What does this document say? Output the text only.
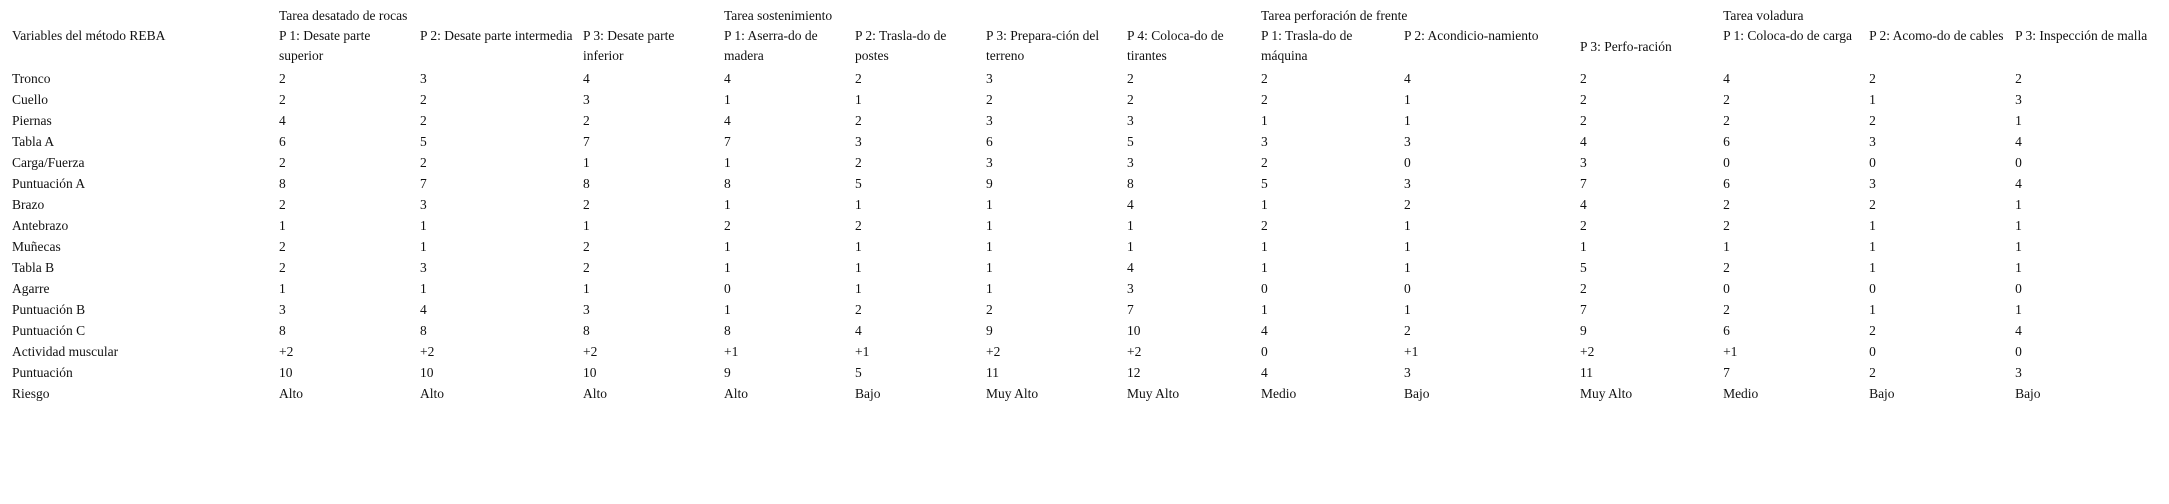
	Tarea desatado de rocas			Tarea sostenimiento				Tarea perforación de frente			Tarea voladura		
Variables del método REBA	P 1: Desate parte superior	P 2: Desate parte intermedia	P 3: Desate parte inferior	P 1: Aserra-do de madera	P 2: Trasla-do de postes	P 3: Prepara-ción del terreno	P 4: Coloca-do de tirantes	P 1: Trasla-do de máquina	P 2: Acondicio-namiento	P 3: Perfo-ración	P 1: Coloca-do de carga	P 2: Acomo-do de cables	P 3: Inspección de malla
Tronco	2	3	4	4	2	3	2	2	4	2	4	2	2
Cuello	2	2	3	1	1	2	2	2	1	2	2	1	3
Piernas	4	2	2	4	2	3	3	1	1	2	2	2	1
Tabla A	6	5	7	7	3	6	5	3	3	4	6	3	4
Carga/Fuerza	2	2	1	1	2	3	3	2	0	3	0	0	0
Puntuación A	8	7	8	8	5	9	8	5	3	7	6	3	4
Brazo	2	3	2	1	1	1	4	1	2	4	2	2	1
Antebrazo	1	1	1	2	2	1	1	2	1	2	2	1	1
Muñecas	2	1	2	1	1	1	1	1	1	1	1	1	1
Tabla B	2	3	2	1	1	1	4	1	1	5	2	1	1
Agarre	1	1	1	0	1	1	3	0	0	2	0	0	0
Puntuación B	3	4	3	1	2	2	7	1	1	7	2	1	1
Puntuación C	8	8	8	8	4	9	10	4	2	9	6	2	4
Actividad muscular	+2	+2	+2	+1	+1	+2	+2	0	+1	+2	+1	0	0
Puntuación	10	10	10	9	5	11	12	4	3	11	7	2	3
Riesgo	Alto	Alto	Alto	Alto	Bajo	Muy Alto	Muy Alto	Medio	Bajo	Muy Alto	Medio	Bajo	Bajo
